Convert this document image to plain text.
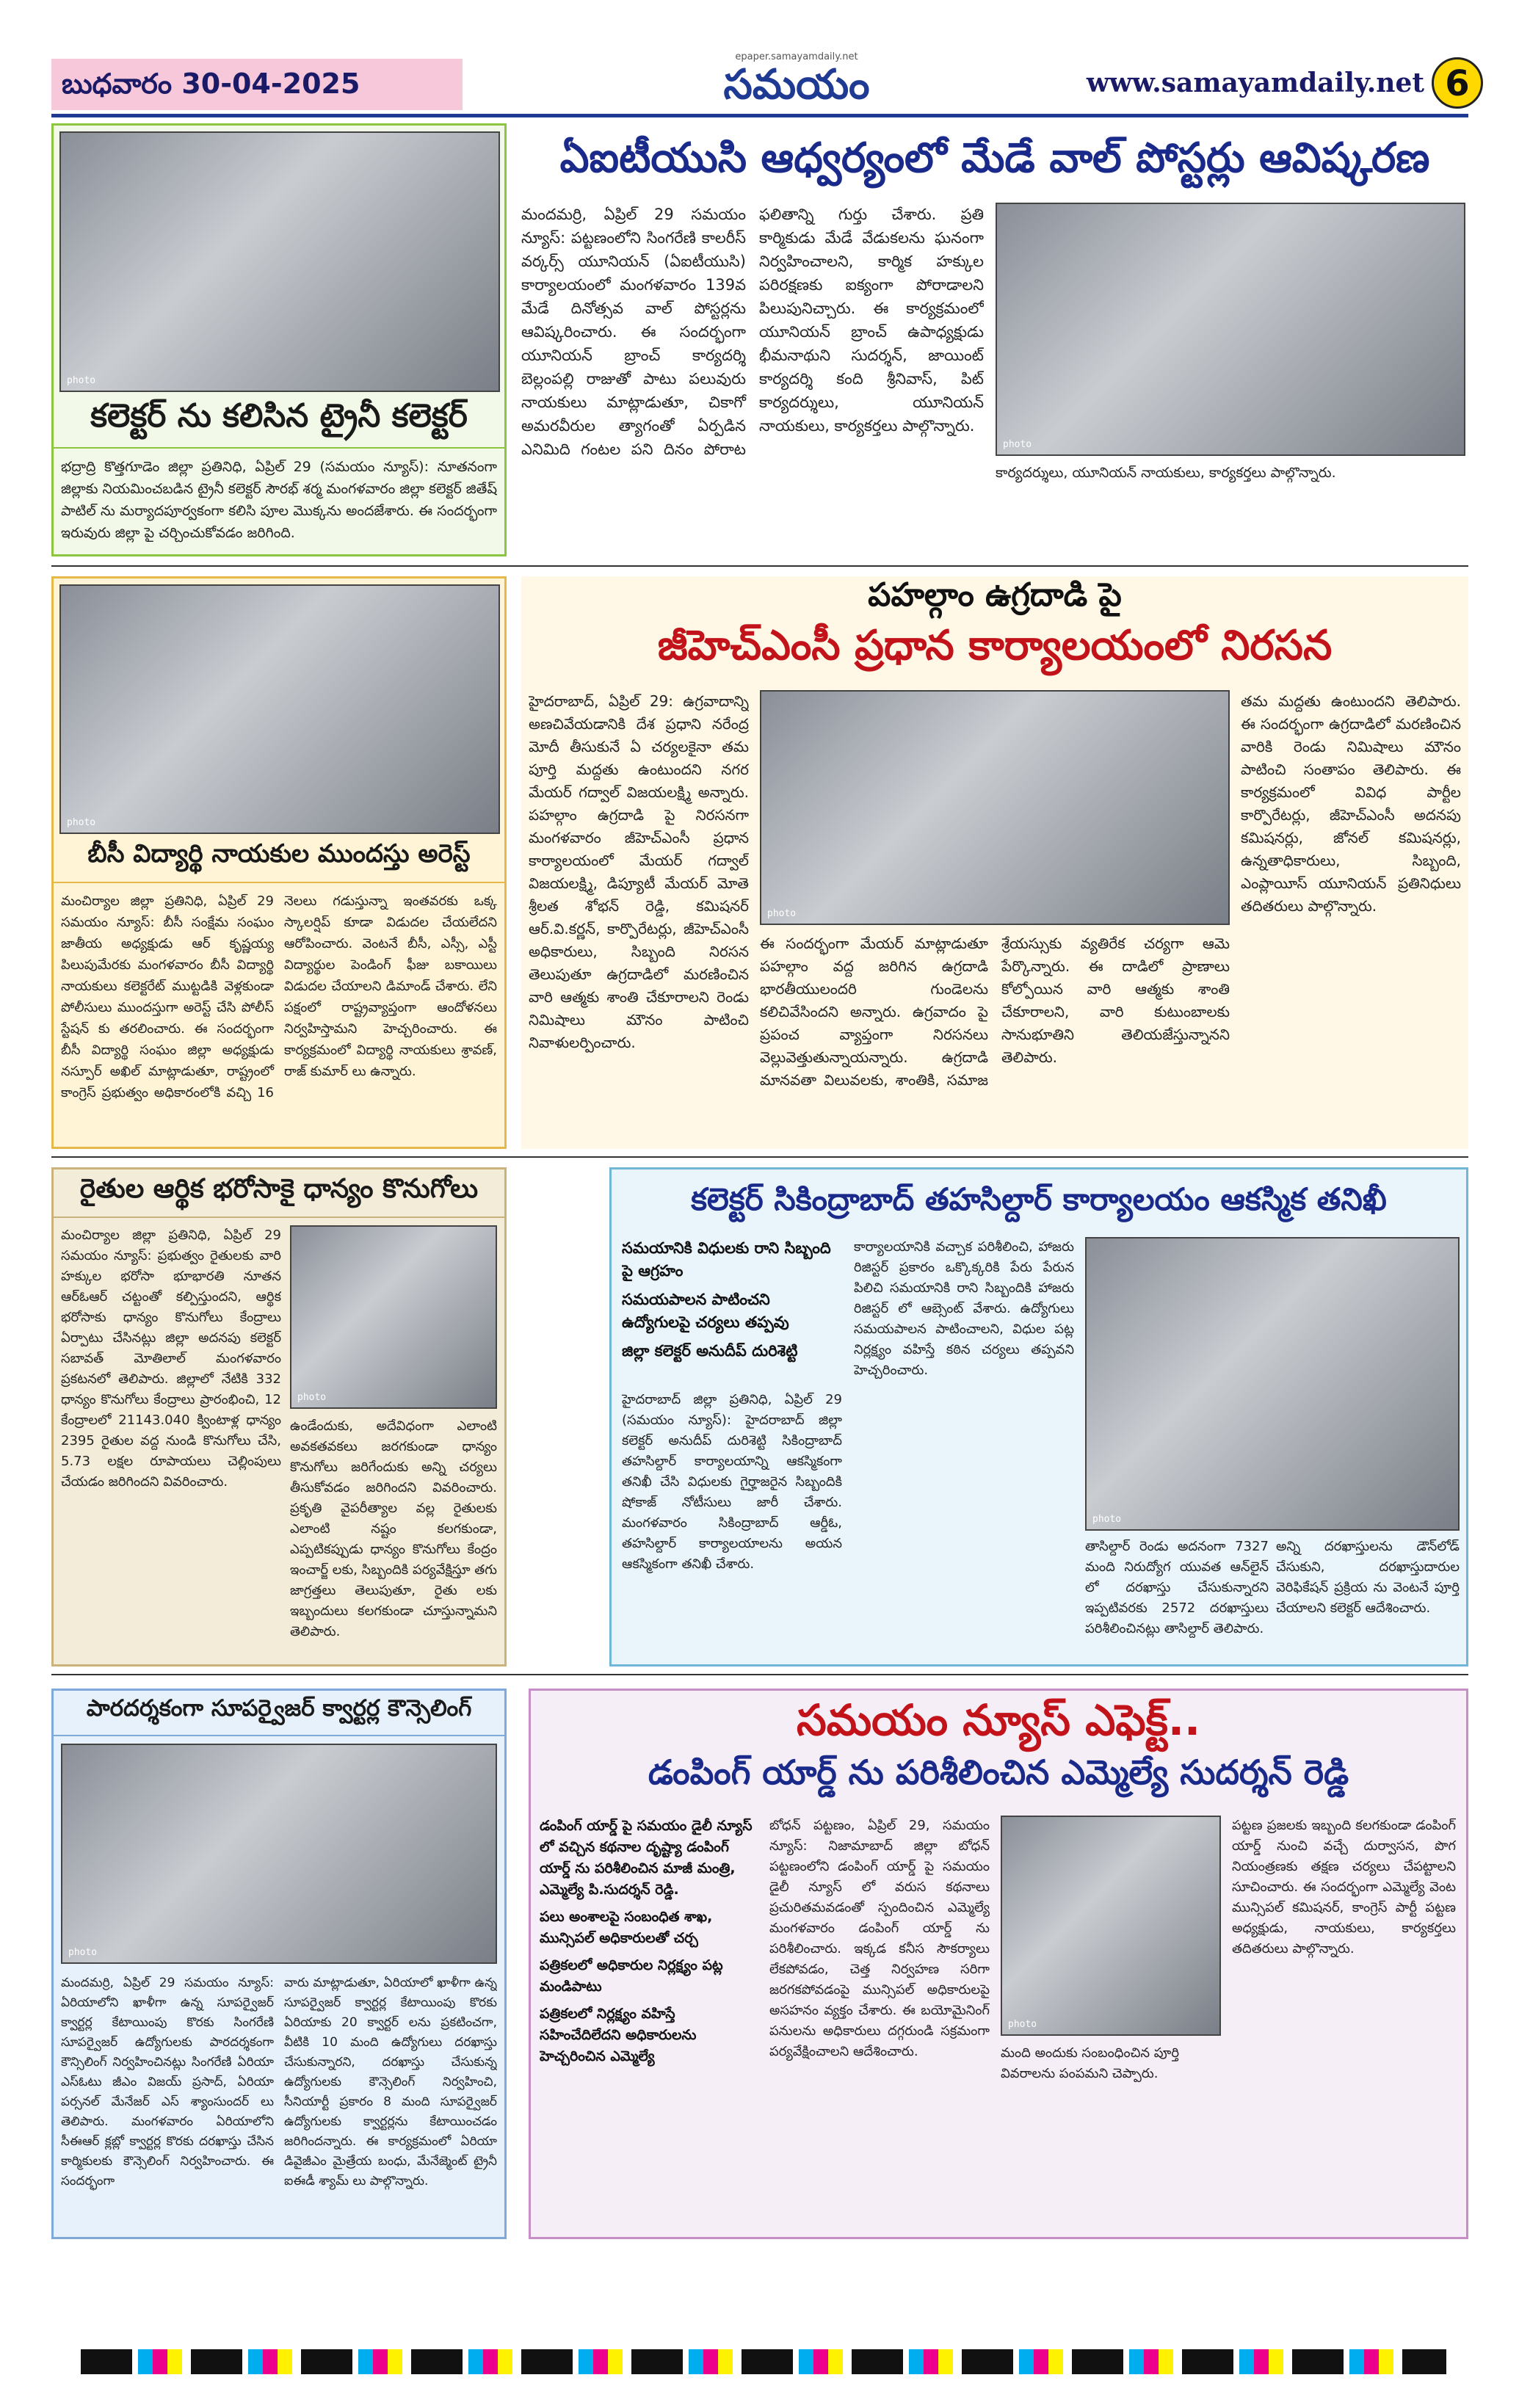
బుధవారం 30-04-2025
epaper.samayamdaily.net
సమయం	www.samayamdaily.net 6
photo
కలెక్టర్ ను కలిసిన ట్రైనీ కలెక్టర్
భద్రాద్రి కొత్తగూడెం జిల్లా ప్రతినిధి, ఏప్రిల్ 29 (సమయం న్యూస్): నూతనంగా జిల్లాకు నియమించబడిన ట్రైనీ కలెక్టర్ సౌరభ్ శర్మ మంగళవారం జిల్లా కలెక్టర్ జితేష్ పాటిల్ ను మర్యాదపూర్వకంగా కలిసి పూల మొక్కను అందజేశారు. ఈ సందర్భంగా ఇరువురు జిల్లా పై చర్చించుకోవడం జరిగింది.
ఏఐటీయుసి ఆధ్వర్యంలో మేడే వాల్ పోస్టర్లు ఆవిష్కరణ
మందమర్రి, ఏప్రిల్ 29 సమయం న్యూస్: పట్టణంలోని సింగరేణి కాలరీస్ వర్కర్స్ యూనియన్ (ఏఐటీయుసి) కార్యాలయంలో మంగళవారం 139వ మేడే దినోత్సవ వాల్ పోస్టర్లను ఆవిష్కరించారు. ఈ సందర్భంగా యూనియన్ బ్రాంచ్ కార్యదర్శి బెల్లంపల్లి రాజుతో పాటు పలువురు నాయకులు మాట్లాడుతూ, చికాగో అమరవీరుల త్యాగంతో ఏర్పడిన ఎనిమిది గంటల పని దినం పోరాట ఫలితాన్ని గుర్తు చేశారు. ప్రతి కార్మికుడు మేడే వేడుకలను ఘనంగా నిర్వహించాలని, కార్మిక హక్కుల పరిరక్షణకు ఐక్యంగా పోరాడాలని పిలుపునిచ్చారు. ఈ కార్యక్రమంలో యూనియన్ బ్రాంచ్ ఉపాధ్యక్షుడు భీమనాథుని సుదర్శన్, జాయింట్ కార్యదర్శి కంది శ్రీనివాస్, పిట్ కార్యదర్శులు, యూనియన్ నాయకులు, కార్యకర్తలు పాల్గొన్నారు.
photo
కార్యదర్శులు, యూనియన్ నాయకులు, కార్యకర్తలు పాల్గొన్నారు.
photo
బీసీ విద్యార్థి నాయకుల ముందస్తు అరెస్ట్
మంచిర్యాల జిల్లా ప్రతినిధి, ఏప్రిల్ 29 సమయం న్యూస్: బీసీ సంక్షేమ సంఘం జాతీయ అధ్యక్షుడు ఆర్ కృష్ణయ్య పిలుపుమేరకు మంగళవారం బీసీ విద్యార్థి నాయకులు కలెక్టరేట్ ముట్టడికి వెళ్లకుండా పోలీసులు ముందస్తుగా అరెస్ట్ చేసి పోలీస్ స్టేషన్ కు తరలించారు. ఈ సందర్భంగా బీసీ విద్యార్థి సంఘం జిల్లా అధ్యక్షుడు నస్పూర్ అఖిల్ మాట్లాడుతూ, రాష్ట్రంలో కాంగ్రెస్ ప్రభుత్వం అధికారంలోకి వచ్చి 16 నెలలు గడుస్తున్నా ఇంతవరకు ఒక్క స్కాలర్షిప్ కూడా విడుదల చేయలేదని ఆరోపించారు. వెంటనే బీసీ, ఎస్సీ, ఎస్టీ విద్యార్థుల పెండింగ్ ఫీజు బకాయిలు విడుదల చేయాలని డిమాండ్ చేశారు. లేని పక్షంలో రాష్ట్రవ్యాప్తంగా ఆందోళనలు నిర్వహిస్తామని హెచ్చరించారు. ఈ కార్యక్రమంలో విద్యార్థి నాయకులు శ్రావణ్, రాజ్ కుమార్ లు ఉన్నారు.
పహల్గాం ఉగ్రదాడి పై
జీహెచ్ఎంసీ ప్రధాన కార్యాలయంలో నిరసన
హైదరాబాద్, ఏప్రిల్ 29: ఉగ్రవాదాన్ని అణచివేయడానికి దేశ ప్రధాని నరేంద్ర మోదీ తీసుకునే ఏ చర్యలకైనా తమ పూర్తి మద్దతు ఉంటుందని నగర మేయర్ గద్వాల్ విజయలక్ష్మి అన్నారు. పహల్గాం ఉగ్రదాడి పై నిరసనగా మంగళవారం జీహెచ్ఎంసీ ప్రధాన కార్యాలయంలో మేయర్ గద్వాల్ విజయలక్ష్మి, డిప్యూటీ మేయర్ మోతె శ్రీలత శోభన్ రెడ్డి, కమిషనర్ ఆర్.వి.కర్ణన్, కార్పొరేటర్లు, జీహెచ్ఎంసీ అధికారులు, సిబ్బంది నిరసన తెలుపుతూ ఉగ్రదాడిలో మరణించిన వారి ఆత్మకు శాంతి చేకూరాలని రెండు నిమిషాలు మౌనం పాటించి నివాళులర్పించారు.
photo
ఈ సందర్భంగా మేయర్ మాట్లాడుతూ పహల్గాం వద్ద జరిగిన ఉగ్రదాడి భారతీయులందరి గుండెలను కలిచివేసిందని అన్నారు. ఉగ్రవాదం పై ప్రపంచ వ్యాప్తంగా నిరసనలు వెల్లువెత్తుతున్నాయన్నారు. ఉగ్రదాడి మానవతా విలువలకు, శాంతికి, సమాజ శ్రేయస్సుకు వ్యతిరేక చర్యగా ఆమె పేర్కొన్నారు. ఈ దాడిలో ప్రాణాలు కోల్పోయిన వారి ఆత్మకు శాంతి చేకూరాలని, వారి కుటుంబాలకు సానుభూతిని తెలియజేస్తున్నానని తెలిపారు.
తమ మద్దతు ఉంటుందని తెలిపారు. ఈ సందర్భంగా ఉగ్రదాడిలో మరణించిన వారికి రెండు నిమిషాలు మౌనం పాటించి సంతాపం తెలిపారు. ఈ కార్యక్రమంలో వివిధ పార్టీల కార్పొరేటర్లు, జీహెచ్ఎంసీ అదనపు కమిషనర్లు, జోనల్ కమిషనర్లు, ఉన్నతాధికారులు, సిబ్బంది, ఎంప్లాయీస్ యూనియన్ ప్రతినిధులు తదితరులు పాల్గొన్నారు.
రైతుల ఆర్థిక భరోసాకై ధాన్యం కొనుగోలు
మంచిర్యాల జిల్లా ప్రతినిధి, ఏప్రిల్ 29 సమయం న్యూస్: ప్రభుత్వం రైతులకు వారి హక్కుల భరోసా భూభారతి నూతన ఆర్ఓఆర్ చట్టంతో కల్పిస్తుందని, ఆర్థిక భరోసాకు ధాన్యం కొనుగోలు కేంద్రాలు ఏర్పాటు చేసినట్లు జిల్లా అదనపు కలెక్టర్ సబావత్ మోతిలాల్ మంగళవారం ప్రకటనలో తెలిపారు. జిల్లాలో నేటికి 332 ధాన్యం కొనుగోలు కేంద్రాలు ప్రారంభించి, 12 కేంద్రాలలో 21143.040 క్వింటాళ్ల ధాన్యం 2395 రైతుల వద్ద నుండి కొనుగోలు చేసి, 5.73 లక్షల రూపాయలు చెల్లింపులు చేయడం జరిగిందని వివరించారు.
photo
ఉండేందుకు, అదేవిధంగా ఎలాంటి అవకతవకలు జరగకుండా ధాన్యం కొనుగోలు జరిగేందుకు అన్ని చర్యలు తీసుకోవడం జరిగిందని వివరించారు. ప్రకృతి వైపరీత్యాల వల్ల రైతులకు ఎలాంటి నష్టం కలగకుండా, ఎప్పటికప్పుడు ధాన్యం కొనుగోలు కేంద్రం ఇంచార్జ్ లకు, సిబ్బందికి పర్యవేక్షిస్తూ తగు జాగ్రత్తలు తెలుపుతూ, రైతు లకు ఇబ్బందులు కలగకుండా చూస్తున్నామని తెలిపారు.
కలెక్టర్ సికింద్రాబాద్ తహసిల్దార్ కార్యాలయం ఆకస్మిక తనిఖీ
సమయానికి విధులకు రాని సిబ్బంది పై ఆగ్రహం
సమయపాలన పాటించని ఉద్యోగులపై చర్యలు తప్పవు
జిల్లా కలెక్టర్ అనుదీప్ దురిశెట్టి
హైదరాబాద్ జిల్లా ప్రతినిధి, ఏప్రిల్ 29 (సమయం న్యూస్): హైదరాబాద్ జిల్లా కలెక్టర్ అనుదీప్ దురిశెట్టి సికింద్రాబాద్ తహసిల్దార్ కార్యాలయాన్ని ఆకస్మికంగా తనిఖీ చేసి విధులకు గైర్హాజరైన సిబ్బందికి షోకాజ్ నోటీసులు జారీ చేశారు. మంగళవారం సికింద్రాబాద్ ఆర్డీఓ, తహసిల్దార్ కార్యాలయాలను అయన ఆకస్మికంగా తనిఖీ చేశారు.
కార్యాలయానికి వచ్చాక పరిశీలించి, హాజరు రిజిస్టర్ ప్రకారం ఒక్కొక్కరికి పేరు పేరున పిలిచి సమయానికి రాని సిబ్బందికి హాజరు రిజిస్టర్ లో ఆబ్సెంట్ వేశారు. ఉద్యోగులు సమయపాలన పాటించాలని, విధుల పట్ల నిర్లక్ష్యం వహిస్తే కఠిన చర్యలు తప్పవని హెచ్చరించారు.
photo
తాసిల్దార్ రెండు అదనంగా 7327 మంది నిరుద్యోగ యువత ఆన్‌లైన్ లో దరఖాస్తు చేసుకున్నారని ఇప్పటివరకు 2572 దరఖాస్తులు పరిశీలించినట్లు తాసిల్దార్ తెలిపారు.
అన్ని దరఖాస్తులను డౌన్‌లోడ్ చేసుకుని, దరఖాస్తుదారుల వెరిఫికేషన్ ప్రక్రియ ను వెంటనే పూర్తి చేయాలని కలెక్టర్ ఆదేశించారు.
పారదర్శకంగా సూపర్వైజర్ క్వార్టర్ల కౌన్సెలింగ్
photo
మందమర్రి, ఏప్రిల్ 29 సమయం న్యూస్: ఏరియాలోని ఖాళీగా ఉన్న సూపర్వైజర్ క్వార్టర్ల కేటాయింపు కొరకు సింగరేణి సూపర్వైజర్ ఉద్యోగులకు పారదర్శకంగా కౌన్సిలింగ్ నిర్వహించినట్లు సింగరేణి ఏరియా ఎస్ఓటు జీఎం విజయ్ ప్రసాద్, ఏరియా పర్సనల్ మేనేజర్ ఎస్ శ్యాంసుందర్ లు తెలిపారు. మంగళవారం ఏరియాలోని సీఈఆర్ క్లబ్లో క్వార్టర్ల కొరకు దరఖాస్తు చేసిన కార్మికులకు కౌన్సెలింగ్ నిర్వహించారు. ఈ సందర్భంగా
వారు మాట్లాడుతూ, ఏరియాలో ఖాళీగా ఉన్న సూపర్వైజర్ క్వార్టర్ల కేటాయింపు కొరకు ఏరియాకు 20 క్వార్టర్ లను ప్రకటించగా, వీటికి 10 మంది ఉద్యోగులు దరఖాస్తు చేసుకున్నారని, దరఖాస్తు చేసుకున్న ఉద్యోగులకు కౌన్సెలింగ్ నిర్వహించి, సీనియార్టీ ప్రకారం 8 మంది సూపర్వైజర్ ఉద్యోగులకు క్వార్టర్లను కేటాయించడం జరిగిందన్నారు. ఈ కార్యక్రమంలో ఏరియా డివైజీఎం మైత్రేయ బంధు, మేనేజ్మెంట్ ట్రైనీ ఐఈడీ శ్యామ్ లు పాల్గొన్నారు.
సమయం న్యూస్ ఎఫెక్ట్..
డంపింగ్ యార్డ్ ను పరిశీలించిన ఎమ్మెల్యే సుదర్శన్ రెడ్డి
డంపింగ్ యార్డ్ పై సమయం డైలీ న్యూస్ లో వచ్చిన కథనాల దృష్ట్యా డంపింగ్ యార్డ్ ను పరిశీలించిన మాజీ మంత్రి, ఎమ్మెల్యే పి.సుదర్శన్ రెడ్డి.
పలు అంశాలపై సంబంధిత శాఖ, మున్సిపల్ అధికారులతో చర్చ
పత్రికలలో అధికారుల నిర్లక్ష్యం పట్ల మండిపాటు
పత్రికలలో నిర్లక్ష్యం వహిస్తే సహించేదిలేదని అధికారులను హెచ్చరించిన ఎమ్మెల్యే
బోధన్ పట్టణం, ఏప్రిల్ 29, సమయం న్యూస్: నిజామాబాద్ జిల్లా బోధన్ పట్టణంలోని డంపింగ్ యార్డ్ పై సమయం డైలీ న్యూస్ లో వరుస కథనాలు ప్రచురితమవడంతో స్పందించిన ఎమ్మెల్యే మంగళవారం డంపింగ్ యార్డ్ ను పరిశీలించారు. ఇక్కడ కనీస సౌకర్యాలు లేకపోవడం, చెత్త నిర్వహణ సరిగా జరగకపోవడంపై మున్సిపల్ అధికారులపై అసహనం వ్యక్తం చేశారు. ఈ బయోమైనింగ్ పనులను అధికారులు దగ్గరుండి సక్రమంగా పర్యవేక్షించాలని ఆదేశించారు.
photo
మంది అందుకు సంబంధించిన పూర్తి వివరాలను పంపమని చెప్పారు.
పట్టణ ప్రజలకు ఇబ్బంది కలగకుండా డంపింగ్ యార్డ్ నుంచి వచ్చే దుర్వాసన, పొగ నియంత్రణకు తక్షణ చర్యలు చేపట్టాలని సూచించారు. ఈ సందర్భంగా ఎమ్మెల్యే వెంట మున్సిపల్ కమిషనర్, కాంగ్రెస్ పార్టీ పట్టణ అధ్యక్షుడు, నాయకులు, కార్యకర్తలు తదితరులు పాల్గొన్నారు.
